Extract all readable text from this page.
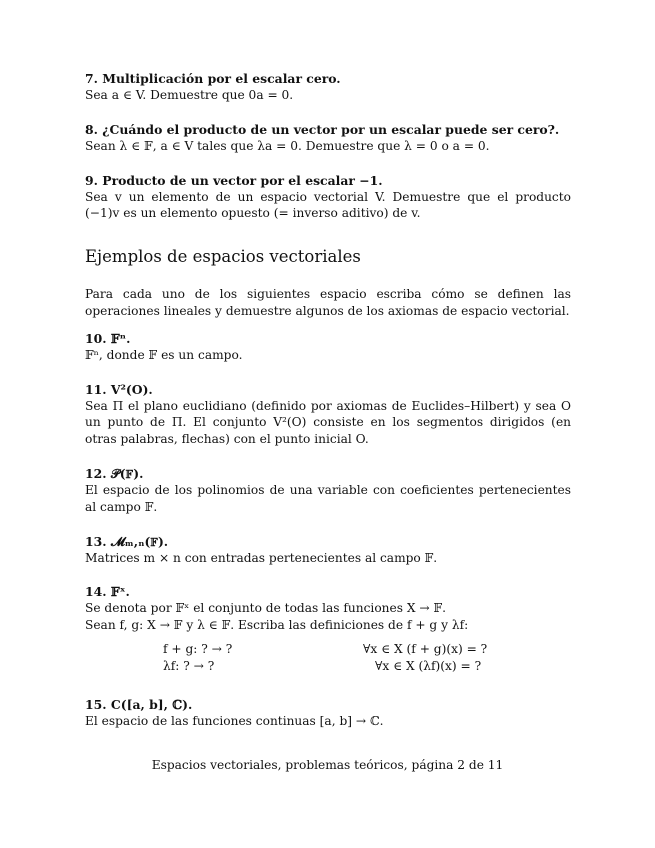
7. Multiplicación por el escalar cero.

Sea a ∈ V. Demuestre que 0a = 0.

8. ¿Cuándo el producto de un vector por un escalar puede ser cero?.

Sean λ ∈ 𝔽, a ∈ V tales que λa = 0. Demuestre que λ = 0 o a = 0.

9. Producto de un vector por el escalar −1.

Sea v un elemento de un espacio vectorial V. Demuestre que el producto (−1)v es un elemento opuesto (= inverso aditivo) de v.

Ejemplos de espacios vectoriales

Para cada uno de los siguientes espacio escriba cómo se definen las operaciones lineales y demuestre algunos de los axiomas de espacio vectorial.

10. 𝔽ⁿ.

𝔽ⁿ, donde 𝔽 es un campo.

11. V²(O).

Sea Π el plano euclidiano (definido por axiomas de Euclides–Hilbert) y sea O un punto de Π. El conjunto V²(O) consiste en los segmentos dirigidos (en otras palabras, flechas) con el punto inicial O.

12. 𝒫(𝔽).

El espacio de los polinomios de una variable con coeficientes pertenecientes al campo 𝔽.

13. 𝓜ₘ,ₙ(𝔽).

Matrices m × n con entradas pertenecientes al campo 𝔽.

14. 𝔽ˣ.

Se denota por 𝔽ˣ el conjunto de todas las funciones X → 𝔽.

Sean f, g: X → 𝔽 y λ ∈ 𝔽. Escriba las definiciones de f + g y λf:

f + g: ? → ?	∀x ∈ X (f + g)(x) = ?
λf: ? → ?	∀x ∈ X (λf)(x) = ?

15. C([a, b], ℂ).

El espacio de las funciones continuas [a, b] → ℂ.

Espacios vectoriales, problemas teóricos, página 2 de 11
